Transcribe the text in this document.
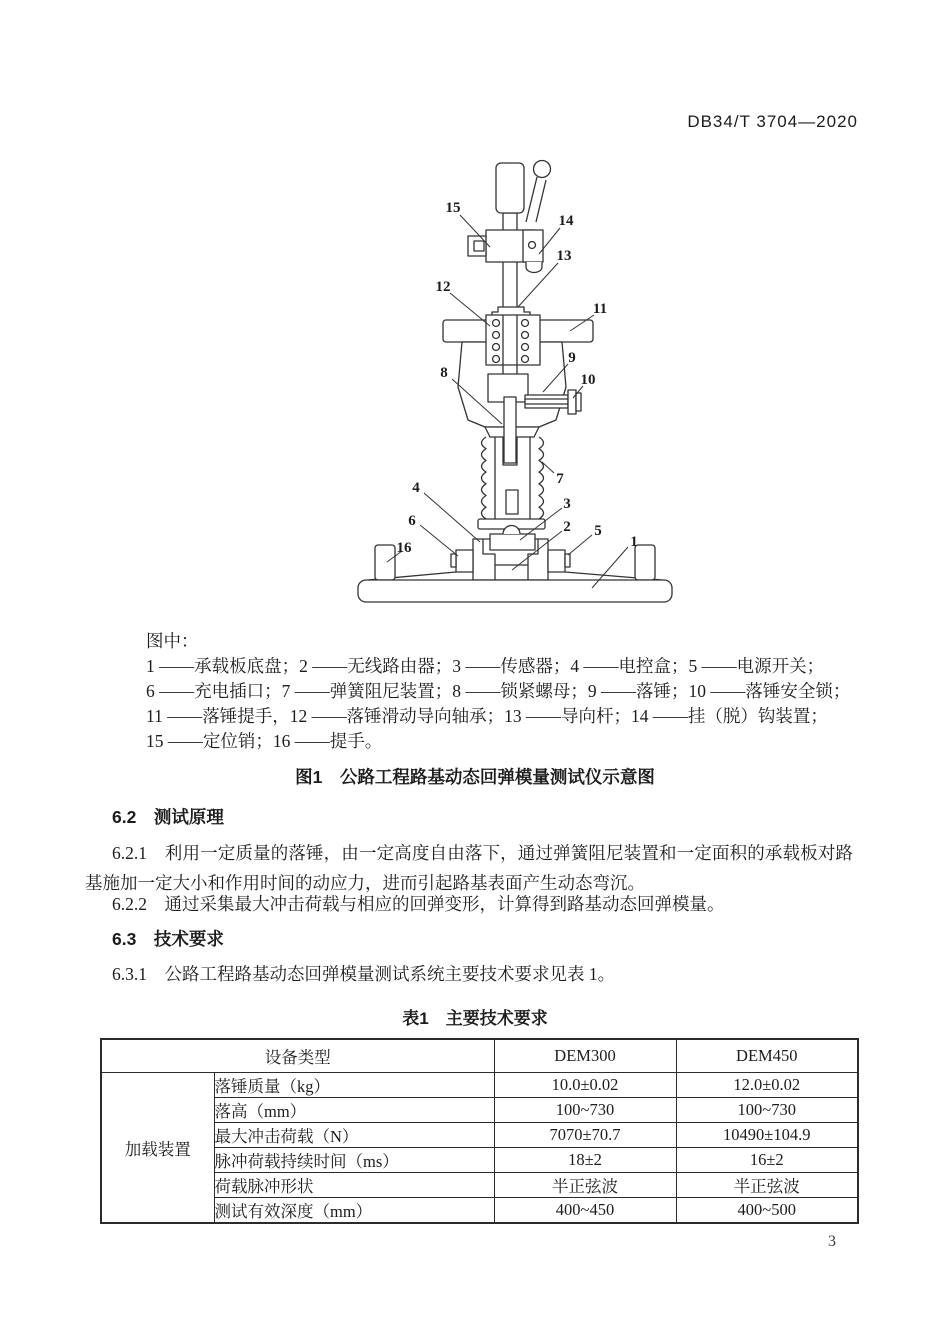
DB34/T 3704—2020
15
14
13
12
11
9
8	10
7
4
3
6	2 5
16	1
图中：
1 ——承载板底盘；2 ——无线路由器；3 ——传感器；4 ——电控盒；5 ——电源开关；
6 ——充电插口；7 ——弹簧阻尼装置；8 ——锁紧螺母；9 ——落锤；10 ——落锤安全锁；
11 ——落锤提手，12 ——落锤滑动导向轴承；13 ——导向杆；14 ——挂（脱）钩装置；
15 ——定位销；16 ——提手。
图1　公路工程路基动态回弹模量测试仪示意图
6.2　测试原理
6.2.1　利用一定质量的落锤，由一定高度自由落下，通过弹簧阻尼装置和一定面积的承载板对路基施加一定大小和作用时间的动应力，进而引起路基表面产生动态弯沉。
6.2.2　通过采集最大冲击荷载与相应的回弹变形，计算得到路基动态回弹模量。
6.3　技术要求
6.3.1　公路工程路基动态回弹模量测试系统主要技术要求见表 1。
表1　主要技术要求
设备类型		DEM300	DEM450
加载装置	落锤质量（kg）	10.0±0.02	12.0±0.02
	落高（mm）	100~730	100~730
	最大冲击荷载（N）	7070±70.7	10490±104.9
	脉冲荷载持续时间（ms）	18±2	16±2
	荷载脉冲形状	半正弦波	半正弦波
	测试有效深度（mm）	400~450	400~500
3
